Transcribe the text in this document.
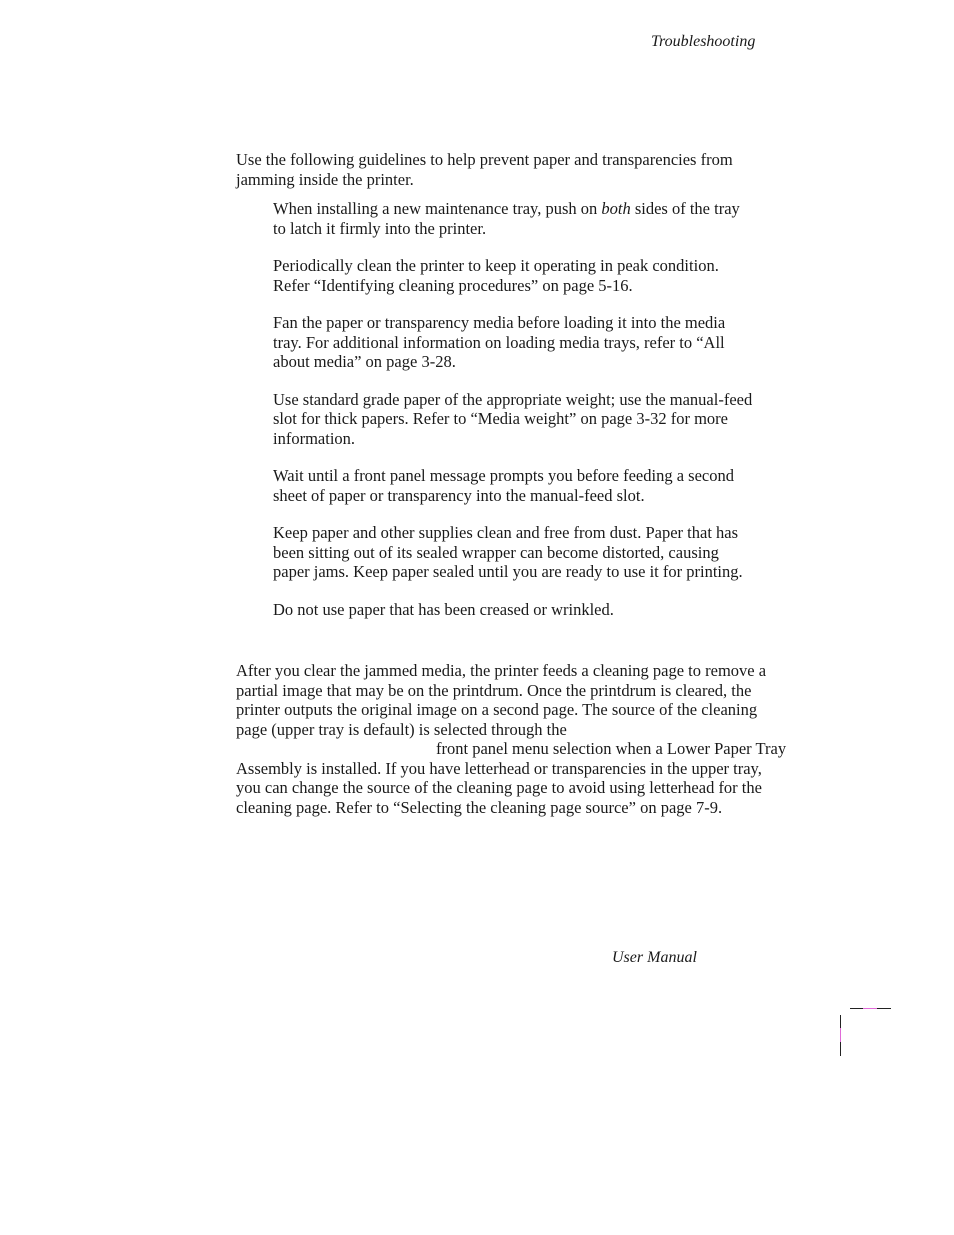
Troubleshooting

Use the following guidelines to help prevent paper and transparencies from jamming inside the printer.

When installing a new maintenance tray, push on both sides of the tray to latch it firmly into the printer.
Periodically clean the printer to keep it operating in peak condition. Refer “Identifying cleaning procedures” on page 5-16.
Fan the paper or transparency media before loading it into the media tray. For additional information on loading media trays, refer to “All about media” on page 3-28.
Use standard grade paper of the appropriate weight; use the manual-feed slot for thick papers. Refer to “Media weight” on page 3-32 for more information.
Wait until a front panel message prompts you before feeding a second sheet of paper or transparency into the manual-feed slot.
Keep paper and other supplies clean and free from dust. Paper that has been sitting out of its sealed wrapper can become distorted, causing paper jams. Keep paper sealed until you are ready to use it for printing.
Do not use paper that has been creased or wrinkled.

After you clear the jammed media, the printer feeds a cleaning page to remove a partial image that may be on the printdrum. Once the printdrum is cleared, the printer outputs the original image on a second page. The source of the cleaning page (upper tray is default) is selected through the
front panel menu selection when a Lower Paper Tray Assembly is installed. If you have letterhead or transparencies in the upper tray, you can change the source of the cleaning page to avoid using letterhead for the cleaning page. Refer to “Selecting the cleaning page source” on page 7-9.

User Manual
